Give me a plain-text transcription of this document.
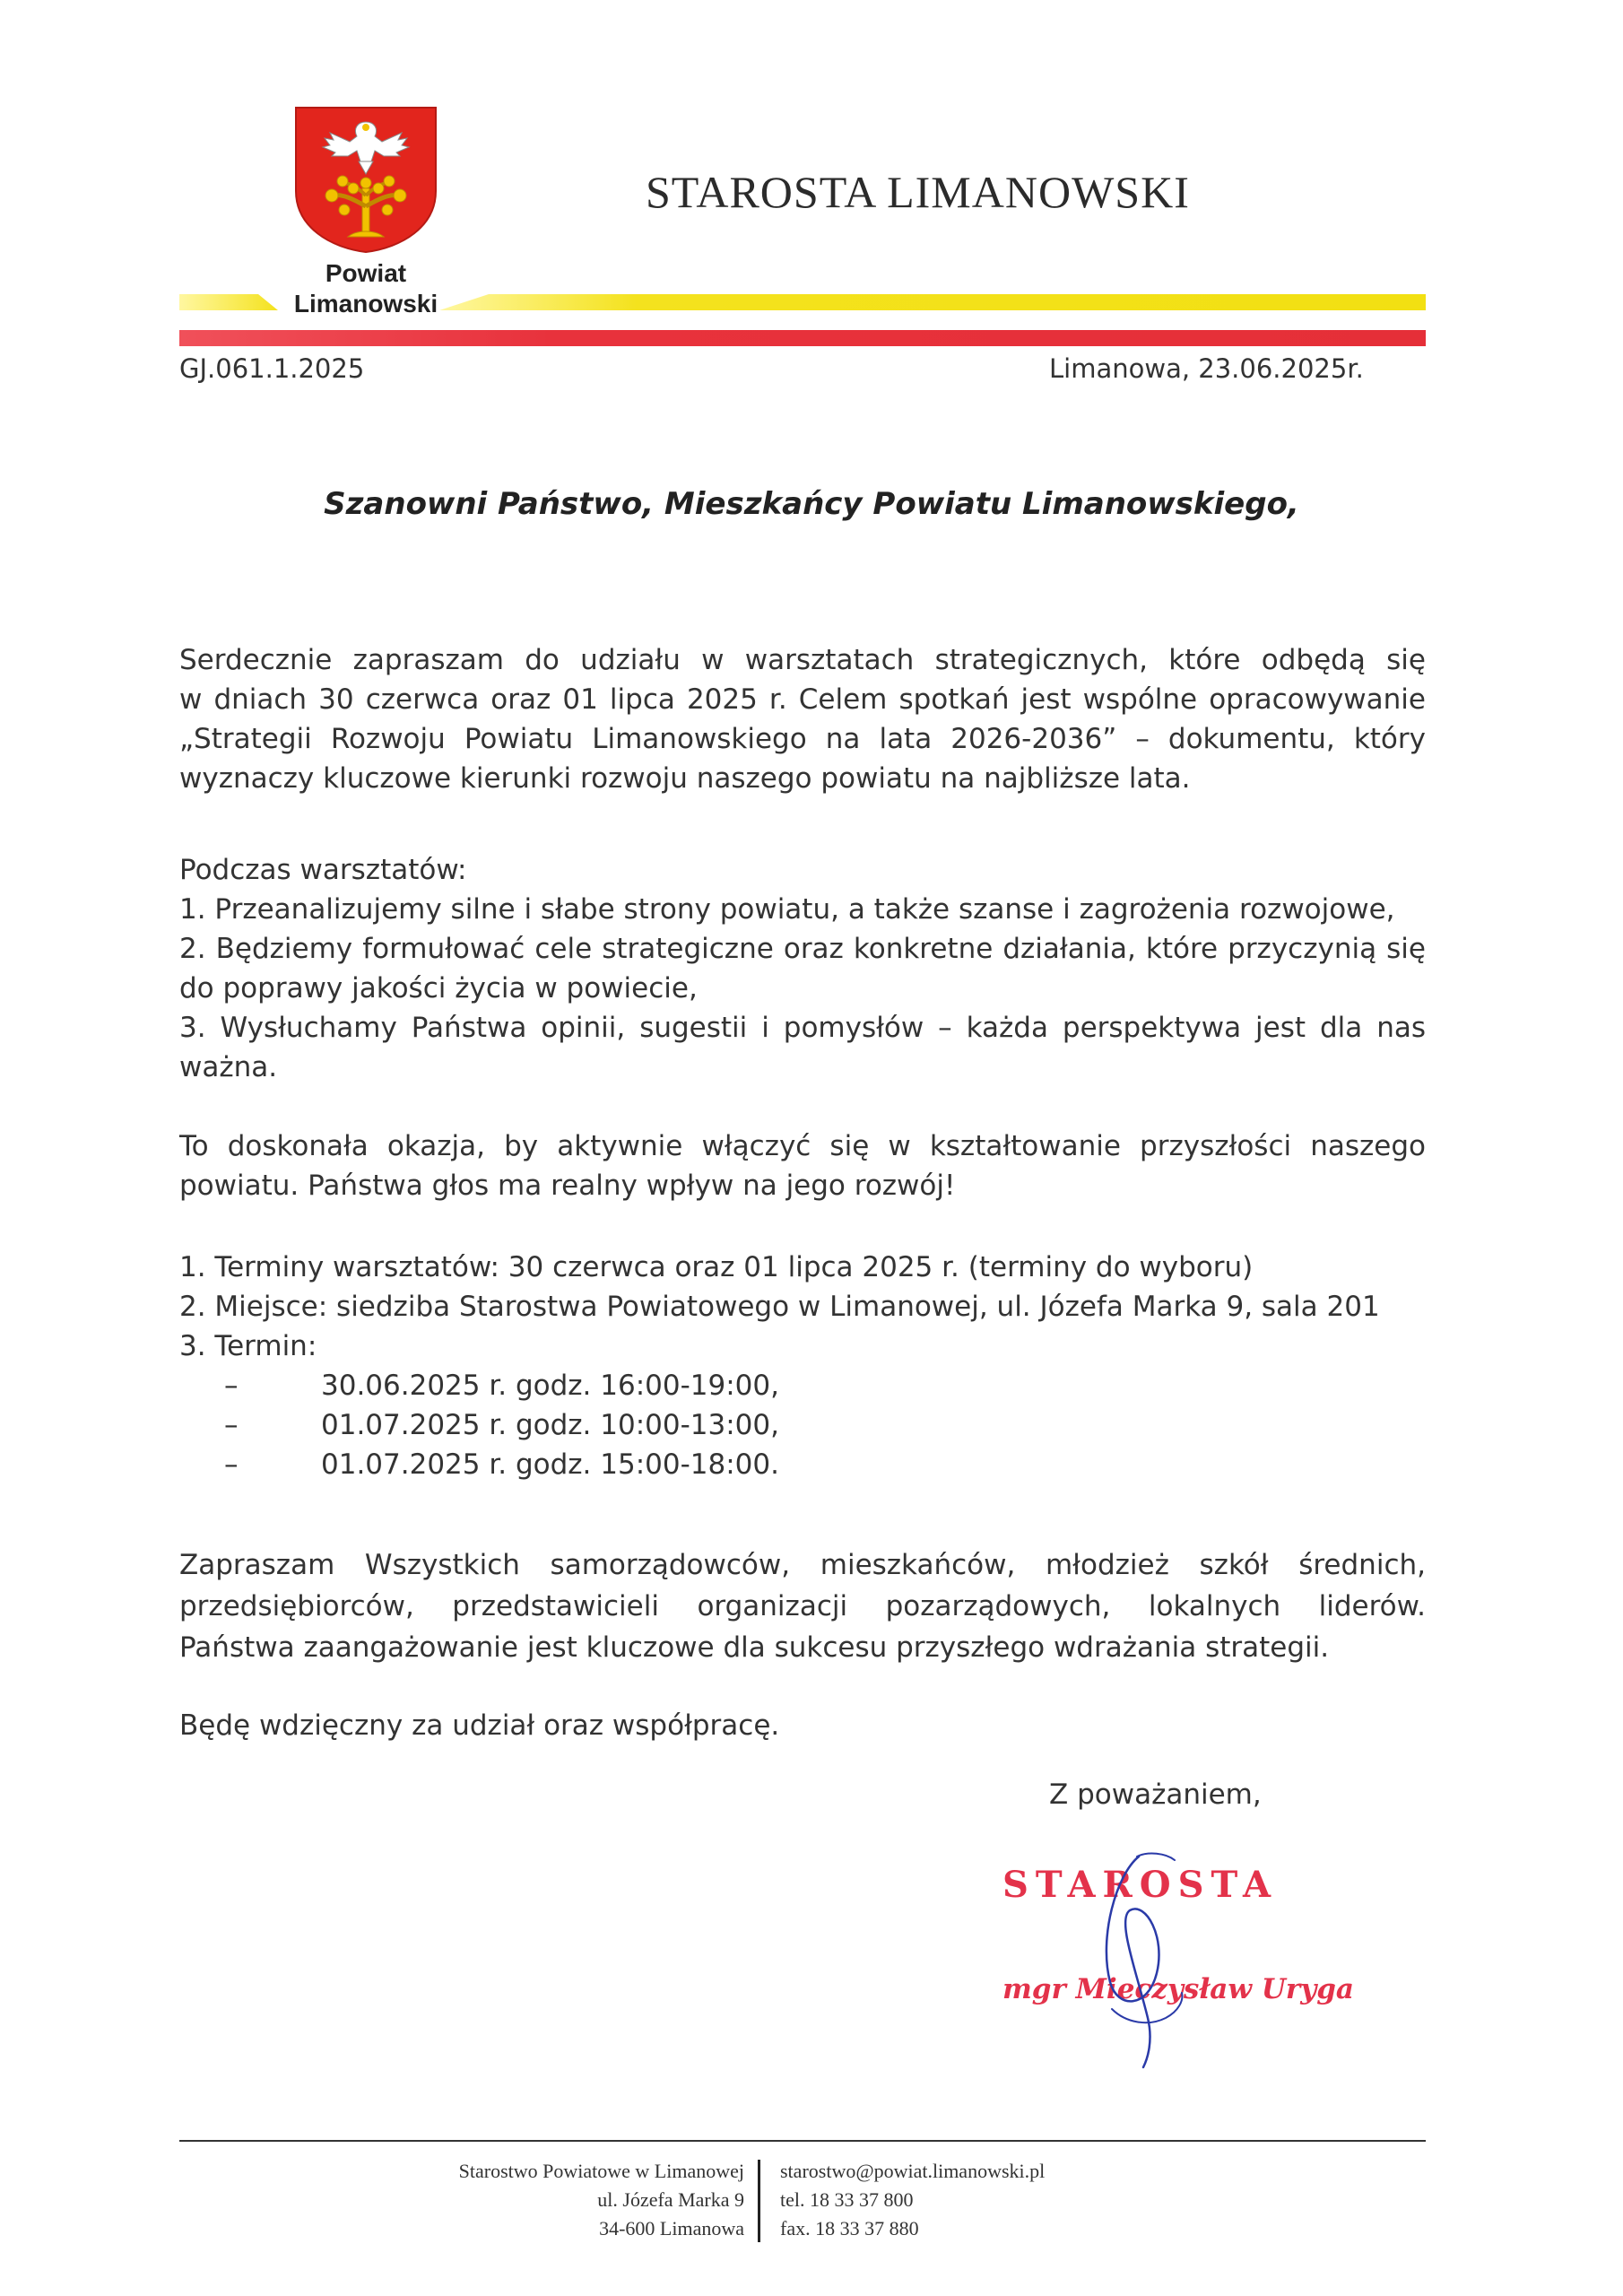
Powiat
Limanowski
STAROSTA LIMANOWSKI
GJ.061.1.2025	Limanowa, 23.06.2025r.
Szanowni Państwo, Mieszkańcy Powiatu Limanowskiego,
Serdecznie zapraszam do udziału w warsztatach strategicznych, które odbędą się
w dniach 30 czerwca oraz 01 lipca 2025 r. Celem spotkań jest wspólne opracowywanie
„Strategii Rozwoju Powiatu Limanowskiego na lata 2026-2036” – dokumentu, który
wyznaczy kluczowe kierunki rozwoju naszego powiatu na najbliższe lata.
Podczas warsztatów:
1. Przeanalizujemy silne i słabe strony powiatu, a także szanse i zagrożenia rozwojowe,
2. Będziemy formułować cele strategiczne oraz konkretne działania, które przyczynią się
do poprawy jakości życia w powiecie,
3. Wysłuchamy Państwa opinii, sugestii i pomysłów – każda perspektywa jest dla nas
ważna.
To doskonała okazja, by aktywnie włączyć się w kształtowanie przyszłości naszego
powiatu. Państwa głos ma realny wpływ na jego rozwój!
1. Terminy warsztatów: 30 czerwca oraz 01 lipca 2025 r. (terminy do wyboru)
2. Miejsce: siedziba Starostwa Powiatowego w Limanowej, ul. Józefa Marka 9, sala 201
3. Termin:
–	30.06.2025 r. godz. 16:00-19:00,
–	01.07.2025 r. godz. 10:00-13:00,
–	01.07.2025 r. godz. 15:00-18:00.
Zapraszam Wszystkich samorządowców, mieszkańców, młodzież szkół średnich,
przedsiębiorców, przedstawicieli organizacji pozarządowych, lokalnych liderów.
Państwa zaangażowanie jest kluczowe dla sukcesu przyszłego wdrażania strategii.
Będę wdzięczny za udział oraz współpracę.
Z poważaniem,
STAROSTA
mgr Mieczysław Uryga
Starostwo Powiatowe w Limanowej
ul. Józefa Marka 9
34-600 Limanowa
starostwo@powiat.limanowski.pl
tel. 18 33 37 800
fax. 18 33 37 880
